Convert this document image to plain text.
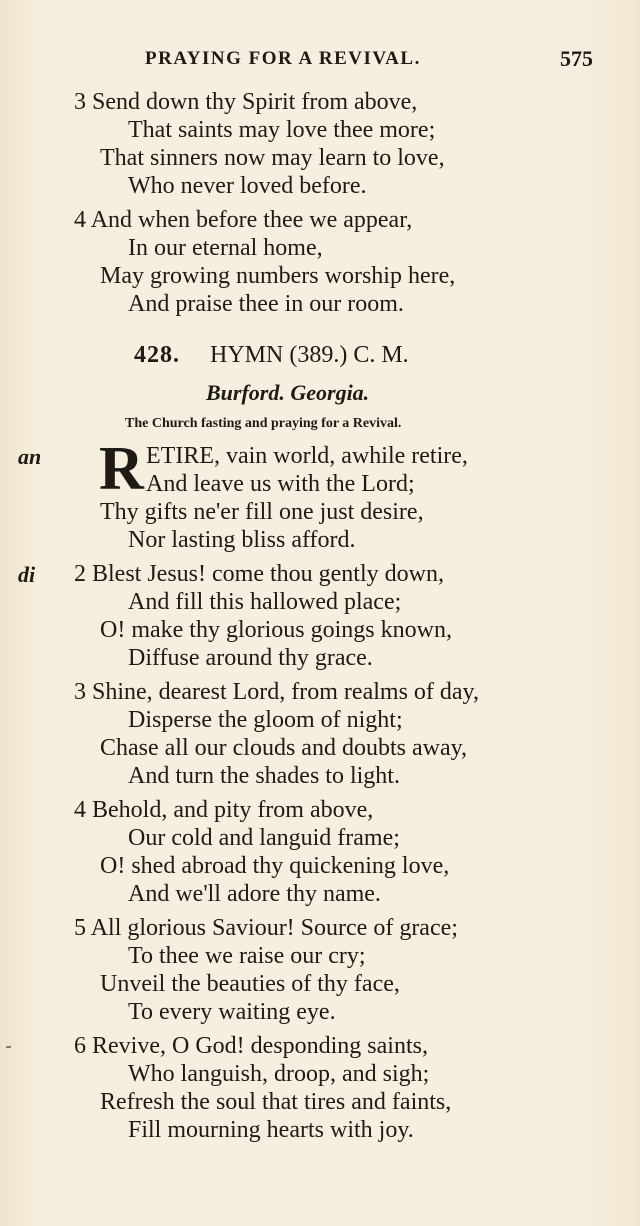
PRAYING FOR A REVIVAL.	575
3 Send down thy Spirit from above,
That saints may love thee more;
That sinners now may learn to love,
Who never loved before.
4 And when before thee we appear,
In our eternal home,
May growing numbers worship here,
And praise thee in our room.
428. HYMN (389.) C. M.
Burford. Georgia.
The Church fasting and praying for a Revival.
an
di
R ETIRE, vain world, awhile retire,
And leave us with the Lord;
Thy gifts ne'er fill one just desire,
Nor lasting bliss afford.
2 Blest Jesus! come thou gently down,
And fill this hallowed place;
O! make thy glorious goings known,
Diffuse around thy grace.
3 Shine, dearest Lord, from realms of day,
Disperse the gloom of night;
Chase all our clouds and doubts away,
And turn the shades to light.
4 Behold, and pity from above,
Our cold and languid frame;
O! shed abroad thy quickening love,
And we'll adore thy name.
5 All glorious Saviour! Source of grace;
To thee we raise our cry;
Unveil the beauties of thy face,
To every waiting eye.
6 Revive, O God! desponding saints,
Who languish, droop, and sigh;
Refresh the soul that tires and faints,
Fill mourning hearts with joy.
